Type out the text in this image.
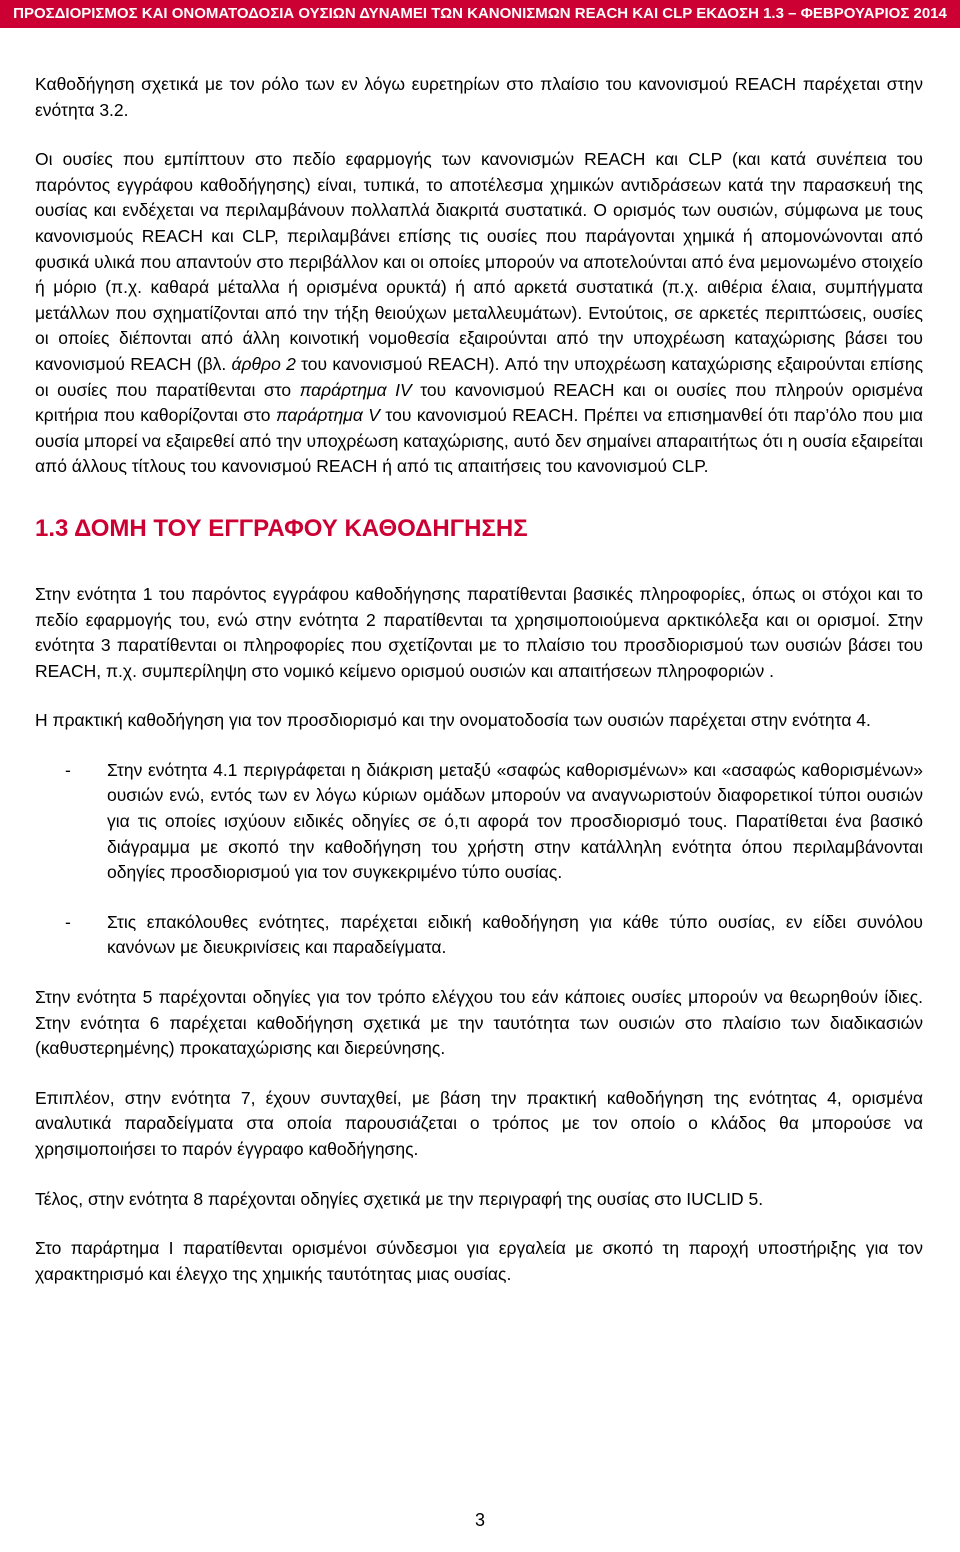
ΠΡΟΣΔΙΟΡΙΣΜΟΣ ΚΑΙ ΟΝΟΜΑΤΟΔΟΣΙΑ ΟΥΣΙΩΝ ΔΥΝΑΜΕΙ ΤΩΝ ΚΑΝΟΝΙΣΜΩΝ REACH ΚΑΙ CLP ΕΚΔΟΣΗ 1.3 – ΦΕΒΡΟΥΑΡΙΟΣ 2014

Καθοδήγηση σχετικά με τον ρόλο των εν λόγω ευρετηρίων στο πλαίσιο του κανονισμού REACH παρέχεται στην ενότητα 3.2.

Οι ουσίες που εμπίπτουν στο πεδίο εφαρμογής των κανονισμών REACH και CLP (και κατά συνέπεια του παρόντος εγγράφου καθοδήγησης) είναι, τυπικά, το αποτέλεσμα χημικών αντιδράσεων κατά την παρασκευή της ουσίας και ενδέχεται να περιλαμβάνουν πολλαπλά διακριτά συστατικά. Ο ορισμός των ουσιών, σύμφωνα με τους κανονισμούς REACH και CLP, περιλαμβάνει επίσης τις ουσίες που παράγονται χημικά ή απομονώνονται από φυσικά υλικά που απαντούν στο περιβάλλον και οι οποίες μπορούν να αποτελούνται από ένα μεμονωμένο στοιχείο ή μόριο (π.χ. καθαρά μέταλλα ή ορισμένα ορυκτά) ή από αρκετά συστατικά (π.χ. αιθέρια έλαια, συμπήγματα μετάλλων που σχηματίζονται από την τήξη θειούχων μεταλλευμάτων). Εντούτοις, σε αρκετές περιπτώσεις, ουσίες οι οποίες διέπονται από άλλη κοινοτική νομοθεσία εξαιρούνται από την υποχρέωση καταχώρισης βάσει του κανονισμού REACH (βλ. άρθρο 2 του κανονισμού REACH). Από την υποχρέωση καταχώρισης εξαιρούνται επίσης οι ουσίες που παρατίθενται στο παράρτημα IV του κανονισμού REACH και οι ουσίες που πληρούν ορισμένα κριτήρια που καθορίζονται στο παράρτημα V του κανονισμού REACH. Πρέπει να επισημανθεί ότι παρ’όλο που μια ουσία μπορεί να εξαιρεθεί από την υποχρέωση καταχώρισης, αυτό δεν σημαίνει απαραιτήτως ότι η ουσία εξαιρείται από άλλους τίτλους του κανονισμού REACH ή από τις απαιτήσεις του κανονισμού CLP.

1.3 ΔΟΜΗ ΤΟΥ ΕΓΓΡΑΦΟΥ ΚΑΘΟΔΗΓΗΣΗΣ

Στην ενότητα 1 του παρόντος εγγράφου καθοδήγησης παρατίθενται βασικές πληροφορίες, όπως οι στόχοι και το πεδίο εφαρμογής του, ενώ στην ενότητα 2 παρατίθενται τα χρησιμοποιούμενα αρκτικόλεξα και οι ορισμοί. Στην ενότητα 3 παρατίθενται οι πληροφορίες που σχετίζονται με το πλαίσιο του προσδιορισμού των ουσιών βάσει του REACH, π.χ. συμπερίληψη στο νομικό κείμενο ορισμού ουσιών και απαιτήσεων πληροφοριών .

Η πρακτική καθοδήγηση για τον προσδιορισμό και την ονοματοδοσία των ουσιών παρέχεται στην ενότητα 4.

-	Στην ενότητα 4.1 περιγράφεται η διάκριση μεταξύ «σαφώς καθορισμένων» και «ασαφώς καθορισμένων» ουσιών ενώ, εντός των εν λόγω κύριων ομάδων μπορούν να αναγνωριστούν διαφορετικοί τύποι ουσιών για τις οποίες ισχύουν ειδικές οδηγίες σε ό,τι αφορά τον προσδιορισμό τους. Παρατίθεται ένα βασικό διάγραμμα με σκοπό την καθοδήγηση του χρήστη στην κατάλληλη ενότητα όπου περιλαμβάνονται οδηγίες προσδιορισμού για τον συγκεκριμένο τύπο ουσίας.
-	Στις επακόλουθες ενότητες, παρέχεται ειδική καθοδήγηση για κάθε τύπο ουσίας, εν είδει συνόλου κανόνων με διευκρινίσεις και παραδείγματα.

Στην ενότητα 5 παρέχονται οδηγίες για τον τρόπο ελέγχου του εάν κάποιες ουσίες μπορούν να θεωρηθούν ίδιες. Στην ενότητα 6 παρέχεται καθοδήγηση σχετικά με την ταυτότητα των ουσιών στο πλαίσιο των διαδικασιών (καθυστερημένης) προκαταχώρισης και διερεύνησης.

Επιπλέον, στην ενότητα 7, έχουν συνταχθεί, με βάση την πρακτική καθοδήγηση της ενότητας 4, ορισμένα αναλυτικά παραδείγματα στα οποία παρουσιάζεται ο τρόπος με τον οποίο ο κλάδος θα μπορούσε να χρησιμοποιήσει το παρόν έγγραφο καθοδήγησης.

Τέλος, στην ενότητα 8 παρέχονται οδηγίες σχετικά με την περιγραφή της ουσίας στο IUCLID 5.

Στο παράρτημα I παρατίθενται ορισμένοι σύνδεσμοι για εργαλεία με σκοπό τη παροχή υποστήριξης για τον χαρακτηρισμό και έλεγχο της χημικής ταυτότητας μιας ουσίας.

3
